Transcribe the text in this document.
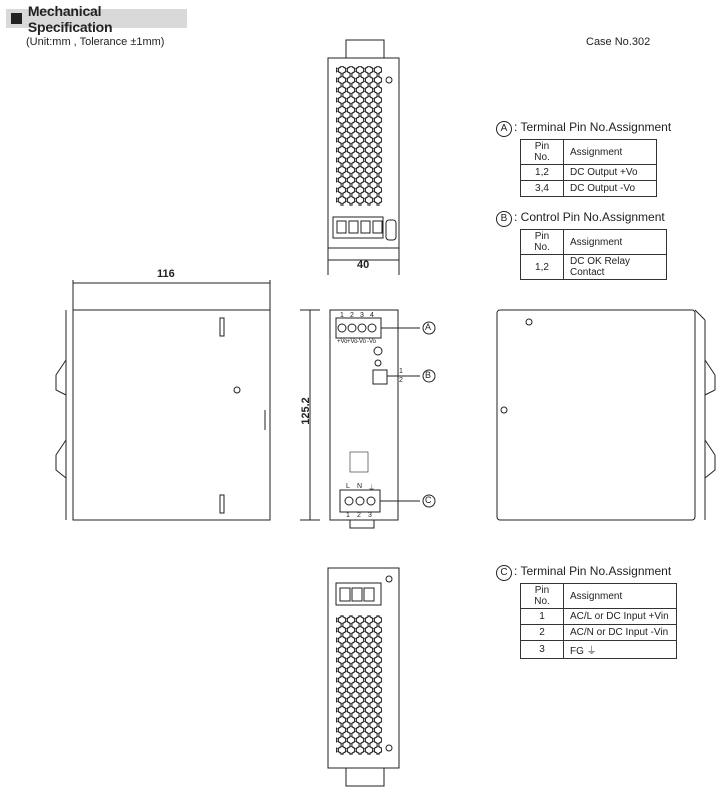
Mechanical Specification
(Unit:mm , Tolerance ±1mm)	Case No.302
116
40
125.2
1 2 3 4
+Vo +Vo -Vo -Vo
1
2
L N ⏚
1 2 3
A
B
C
A : Terminal Pin No.Assignment
Pin No.	Assignment
1,2	DC Output +Vo
3,4	DC Output -Vo
B : Control Pin No.Assignment
Pin No.	Assignment
1,2	DC OK Relay Contact
C : Terminal Pin No.Assignment
Pin No.	Assignment
1	AC/L or DC Input +Vin
2	AC/N or DC Input -Vin
3	FG ⏚
